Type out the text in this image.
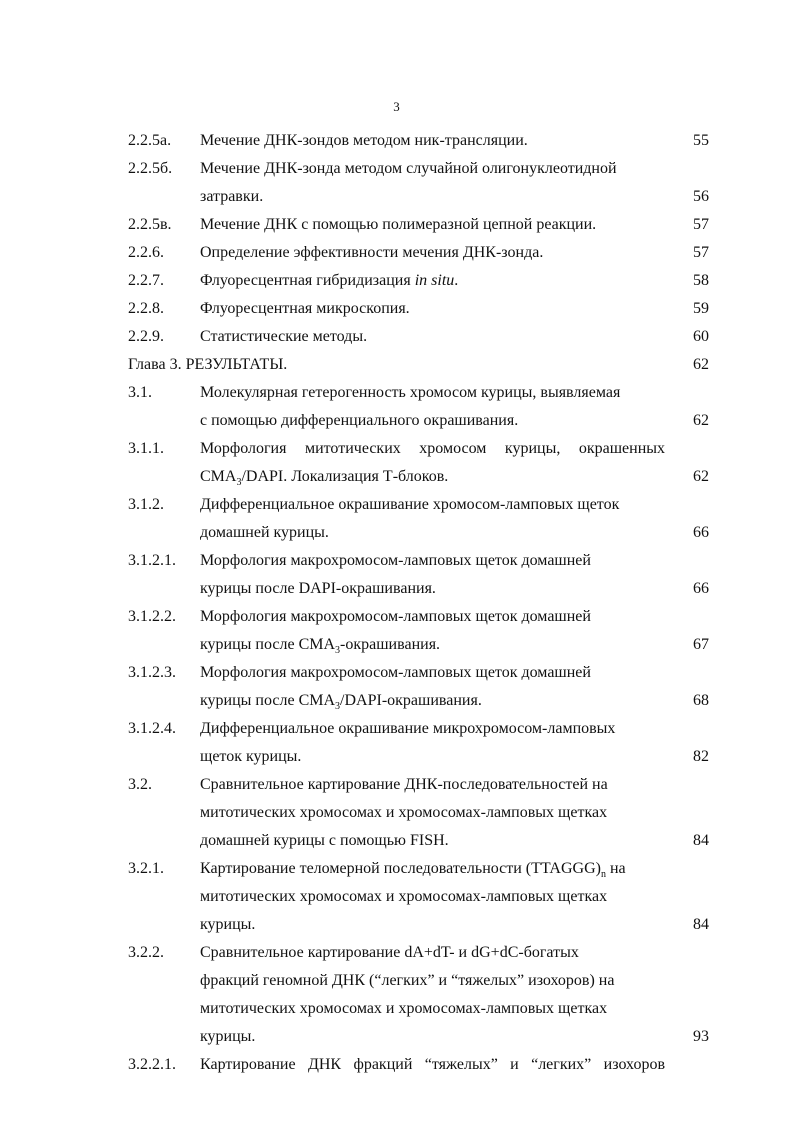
3
2.2.5а. Мечение ДНК-зондов методом ник-трансляции.	55
2.2.5б. Мечение ДНК-зонда методом случайной олигонуклеотидной
затравки.	56
2.2.5в. Мечение ДНК с помощью полимеразной цепной реакции.	57
2.2.6. Определение эффективности мечения ДНК-зонда.	57
2.2.7. Флуоресцентная гибридизация in situ.	58
2.2.8. Флуоресцентная микроскопия.	59
2.2.9. Статистические методы.	60
Глава 3. РЕЗУЛЬТАТЫ.	62
3.1.	Молекулярная гетерогенность хромосом курицы, выявляемая
с помощью дифференциального окрашивания.	62
3.1.1. Морфология митотических хромосом курицы, окрашенных
$CMA_3$/DAPI. Локализация Т-блоков.	62
3.1.2. Дифференциальное окрашивание хромосом-ламповых щеток
домашней курицы.	66
3.1.2.1. Морфология макрохромосом-ламповых щеток домашней
курицы после DAPI-окрашивания.	66
3.1.2.2. Морфология макрохромосом-ламповых щеток домашней
курицы после $CMA_3$-окрашивания.	67
3.1.2.3. Морфология макрохромосом-ламповых щеток домашней
курицы после $CMA_3/DAPI$-окрашивания.	68
3.1.2.4. Дифференциальное окрашивание микрохромосом-ламповых
щеток курицы.	82
3.2.	Сравнительное картирование ДНК-последовательностей на
митотических хромосомах и хромосомах-ламповых щетках
домашней курицы с помощью FISH.	84
3.2.1. Картирование теломерной последовательности $(TTAGGG)_n$ на
митотических хромосомах и хромосомах-ламповых щетках
курицы.	84
3.2.2. Сравнительное картирование dA+dT- и dG+dC-богатых
фракций геномной ДНК (“легких” и “тяжелых” изохоров) на
митотических хромосомах и хромосомах-ламповых щетках
курицы.	93
3.2.2.1. Картирование ДНК фракций “тяжелых” и “легких” изохоров
